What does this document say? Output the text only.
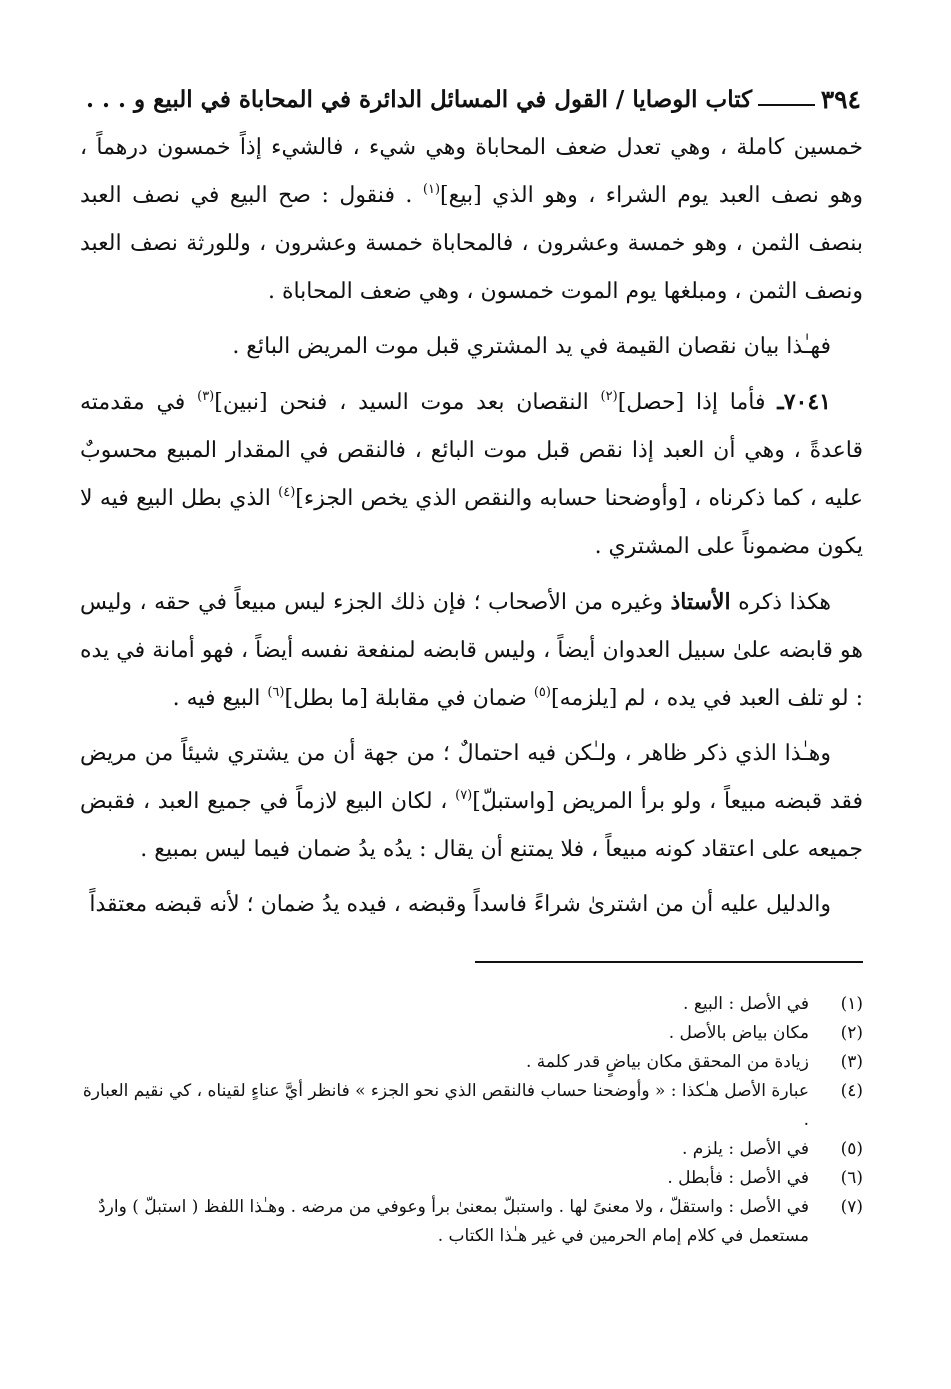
٣٩٤
كتاب الوصايا / القول في المسائل الدائرة في المحاباة في البيع و . . .

خمسين كاملة ، وهي تعدل ضعف المحاباة وهي شيء ، فالشيء إذاً خمسون درهماً ، وهو نصف العبد يوم الشراء ، وهو الذي [بيع]$^{(١)}$ . فنقول : صح البيع في نصف العبد بنصف الثمن ، وهو خمسة وعشرون ، فالمحاباة خمسة وعشرون ، وللورثة نصف العبد ونصف الثمن ، ومبلغها يوم الموت خمسون ، وهي ضعف المحاباة .

فهـٰذا بيان نقصان القيمة في يد المشتري قبل موت المريض البائع .

٧٠٤١ـ فأما إذا [حصل]$^{(٢)}$ النقصان بعد موت السيد ، فنحن [نبين]$^{(٣)}$ في مقدمته قاعدةً ، وهي أن العبد إذا نقص قبل موت البائع ، فالنقص في المقدار المبيع محسوبٌ عليه ، كما ذكرناه ، [وأوضحنا حسابه والنقص الذي يخص الجزء]$^{(٤)}$ الذي بطل البيع فيه لا يكون مضموناً على المشتري .

هكذا ذكره الأستاذ وغيره من الأصحاب ؛ فإن ذلك الجزء ليس مبيعاً في حقه ، وليس هو قابضه علىٰ سبيل العدوان أيضاً ، وليس قابضه لمنفعة نفسه أيضاً ، فهو أمانة في يده : لو تلف العبد في يده ، لم [يلزمه]$^{(٥)}$ ضمان في مقابلة [ما بطل]$^{(٦)}$ البيع فيه .

وهـٰذا الذي ذكر ظاهر ، ولـٰكن فيه احتمالٌ ؛ من جهة أن من يشتري شيئاً من مريض فقد قبضه مبيعاً ، ولو برأ المريض [واستبلّ]$^{(٧)}$ ، لكان البيع لازماً في جميع العبد ، فقبض جميعه على اعتقاد كونه مبيعاً ، فلا يمتنع أن يقال : يدُه يدُ ضمان فيما ليس بمبيع .

والدليل عليه أن من اشترىٰ شراءً فاسداً وقبضه ، فيده يدُ ضمان ؛ لأنه قبضه معتقداً

(١)
في الأصل : البيع .
(٢)
مكان بياض بالأصل .
(٣)
زيادة من المحقق مكان بياضٍ قدر كلمة .
(٤)
عبارة الأصل هـٰكذا : « وأوضحنا حساب فالنقص الذي نحو الجزء » فانظر أيَّ عناءٍ لقيناه ، كي نقيم العبارة .
(٥)
في الأصل : يلزم .
(٦)
في الأصل : فأبطل .
(٧)
في الأصل : واستقلّ ، ولا معنىً لها . واستبلّ بمعنىٰ برأ وعوفي من مرضه . وهـٰذا اللفظ ( استبلّ ) واردٌ مستعمل في كلام إمام الحرمين في غير هـٰذا الكتاب .
